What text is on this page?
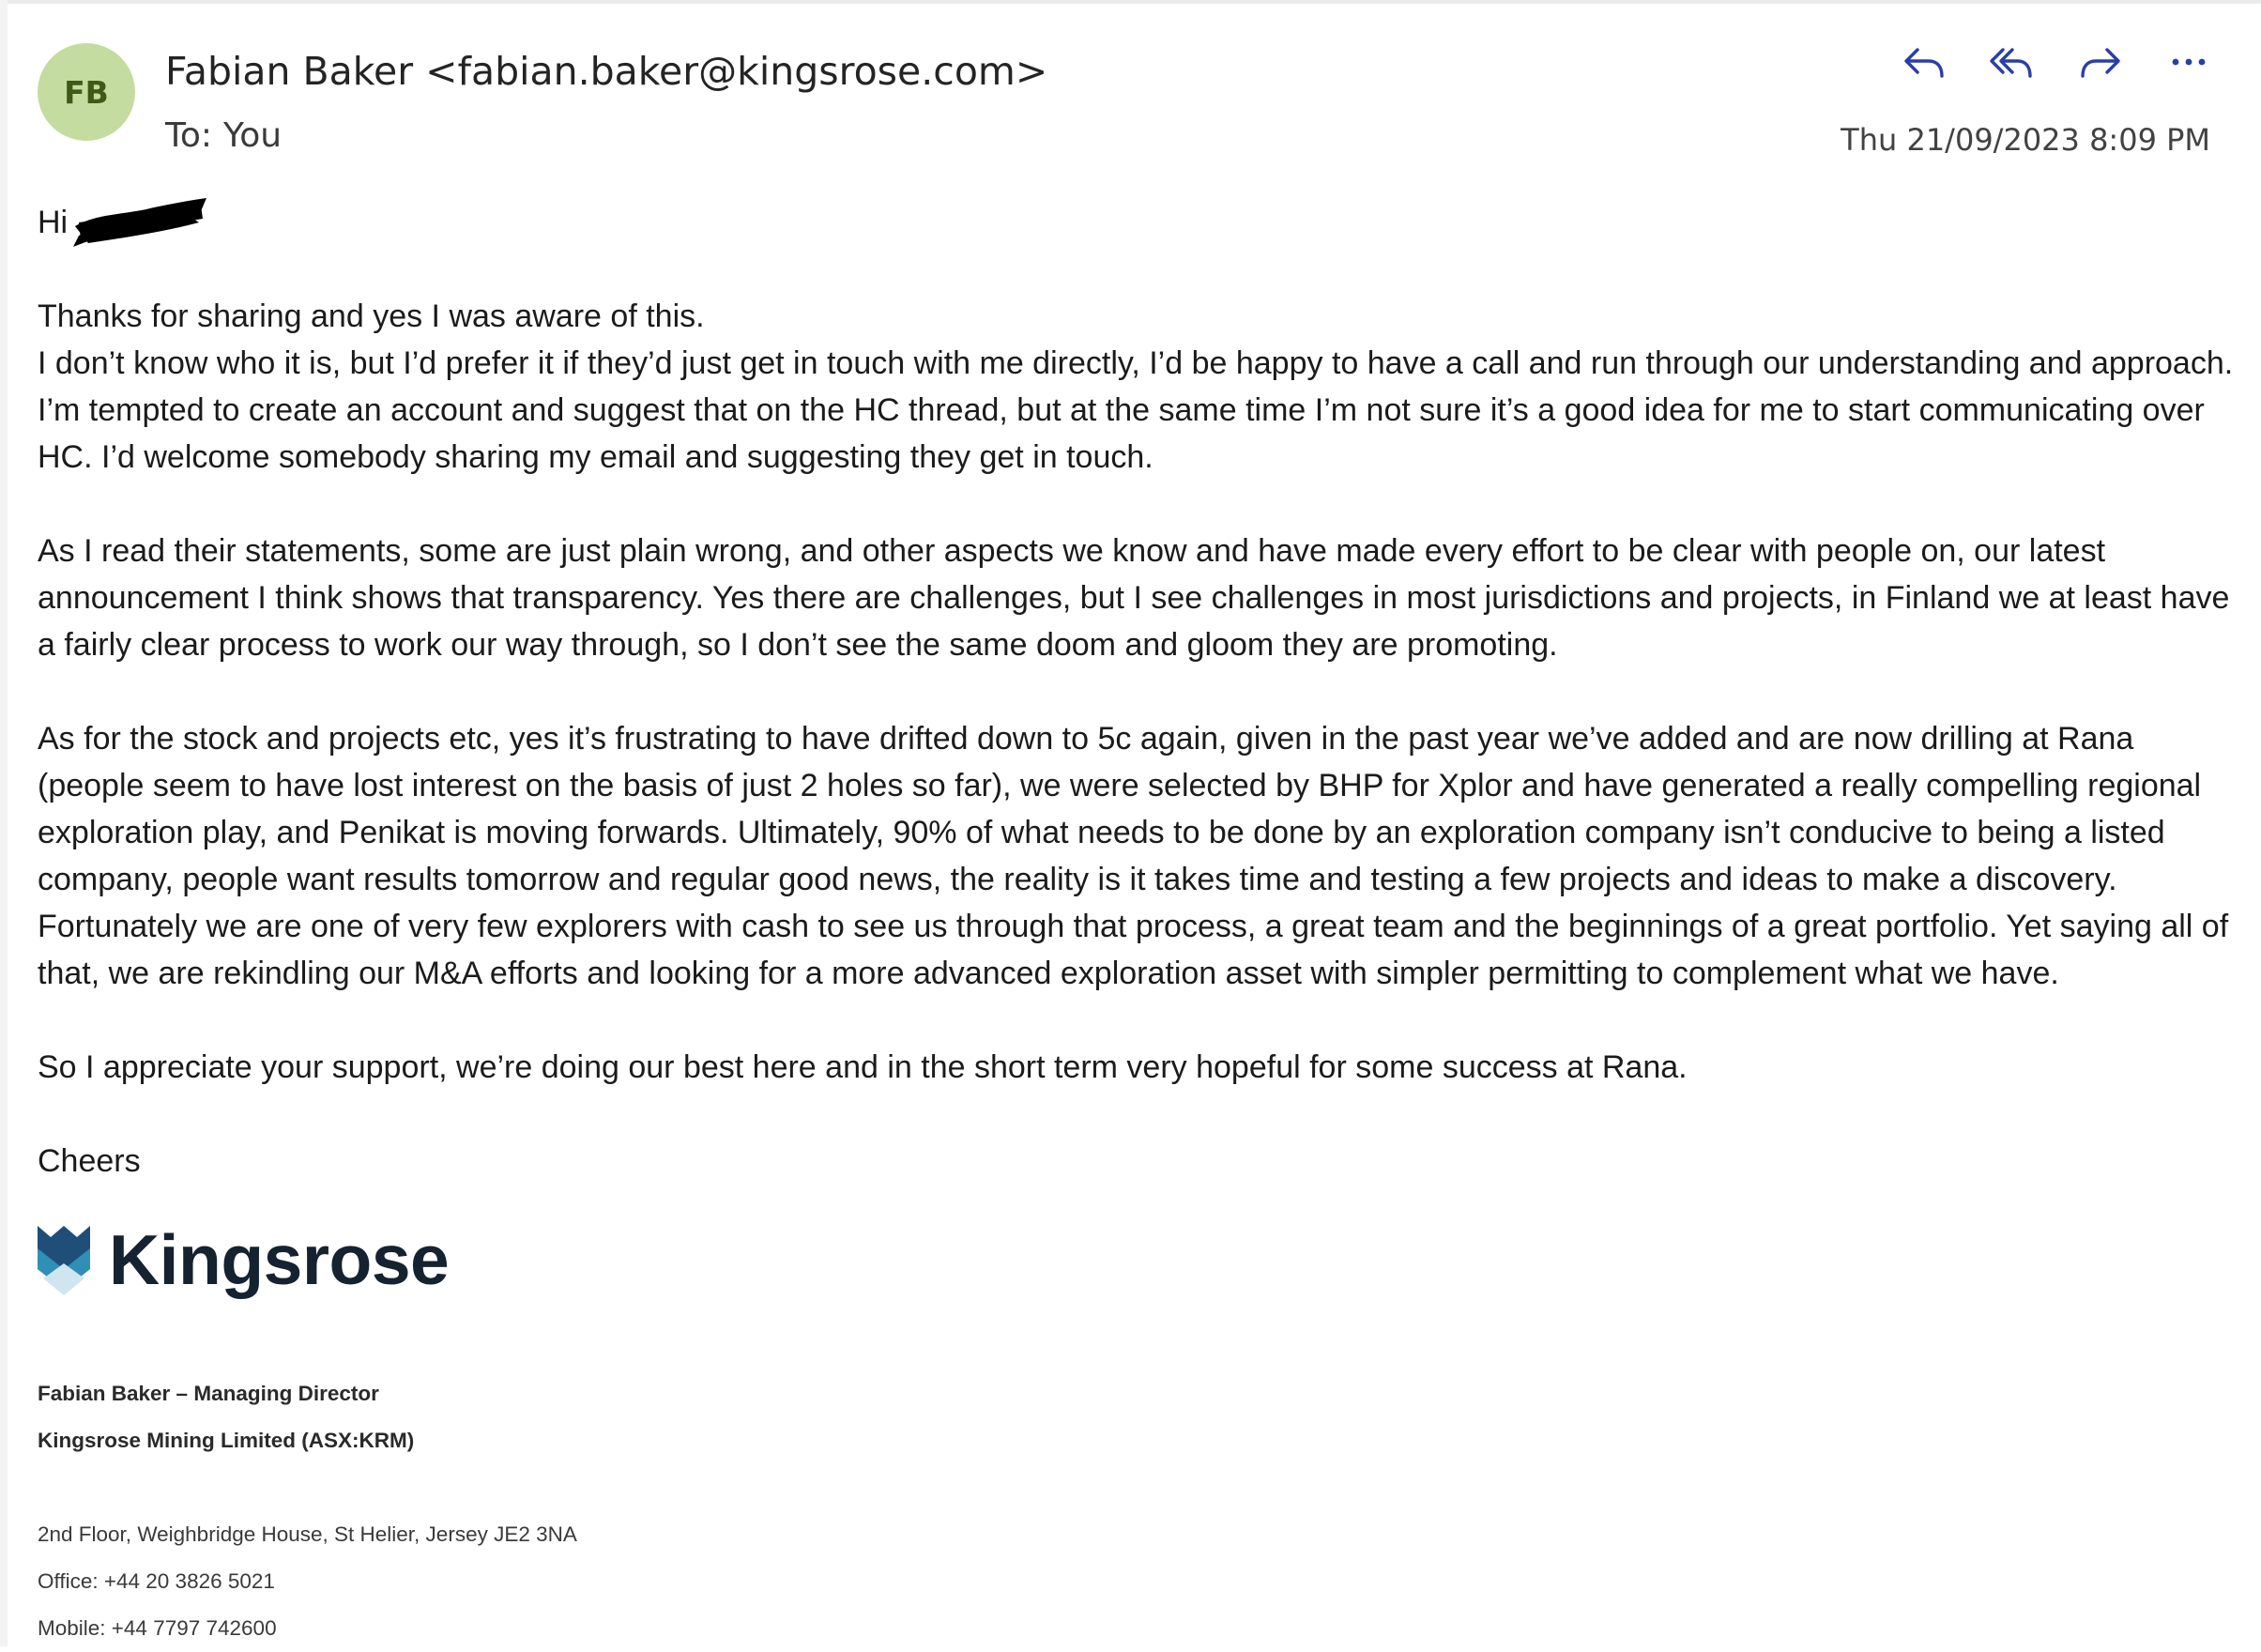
FB	Fabian Baker <fabian.baker@kingsrose.com>
To: You	Thu 21/09/2023 8:09 PM
Hi

Thanks for sharing and yes I was aware of this.

I don’t know who it is, but I’d prefer it if they’d just get in touch with me directly, I’d be happy to have a call and run through our understanding and approach. I’m tempted to create an account and suggest that on the HC thread, but at the same time I’m not sure it’s a good idea for me to start communicating over HC. I’d welcome somebody sharing my email and suggesting they get in touch.

As I read their statements, some are just plain wrong, and other aspects we know and have made every effort to be clear with people on, our latest announcement I think shows that transparency. Yes there are challenges, but I see challenges in most jurisdictions and projects, in Finland we at least have a fairly clear process to work our way through, so I don’t see the same doom and gloom they are promoting.

As for the stock and projects etc, yes it’s frustrating to have drifted down to 5c again, given in the past year we’ve added and are now drilling at Rana (people seem to have lost interest on the basis of just 2 holes so far), we were selected by BHP for Xplor and have generated a really compelling regional exploration play, and Penikat is moving forwards. Ultimately, 90% of what needs to be done by an exploration company isn’t conducive to being a listed company, people want results tomorrow and regular good news, the reality is it takes time and testing a few projects and ideas to make a discovery. Fortunately we are one of very few explorers with cash to see us through that process, a great team and the beginnings of a great portfolio. Yet saying all of that, we are rekindling our M&A efforts and looking for a more advanced exploration asset with simpler permitting to complement what we have.

So I appreciate your support, we’re doing our best here and in the short term very hopeful for some success at Rana.

Cheers

Kingsrose
Fabian Baker – Managing Director
Kingsrose Mining Limited (ASX:KRM)
2nd Floor, Weighbridge House, St Helier, Jersey JE2 3NA
Office: +44 20 3826 5021
Mobile: +44 7797 742600
